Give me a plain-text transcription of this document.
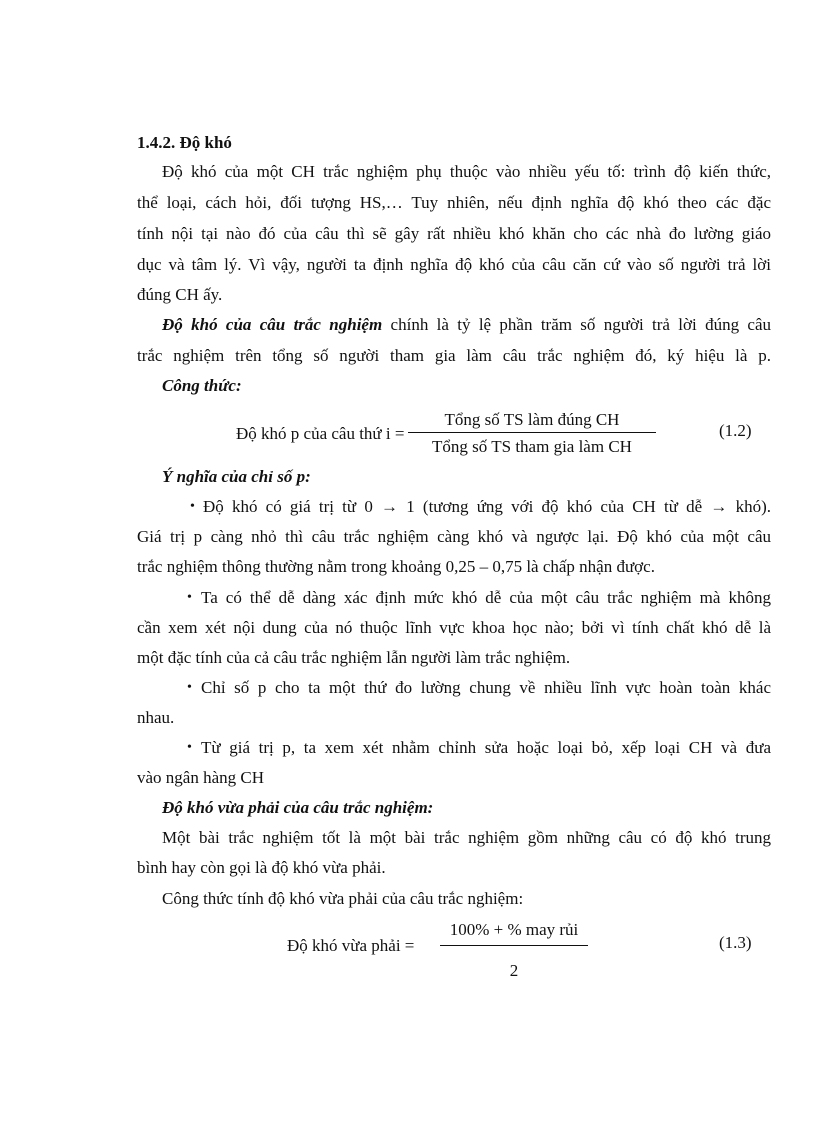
1.4.2. Độ khó
Độ khó của một CH trắc nghiệm phụ thuộc vào nhiều yếu tố: trình độ kiến thức,
thể loại, cách hỏi, đối tượng HS,… Tuy nhiên, nếu định nghĩa độ khó theo các đặc
tính nội tại nào đó của câu thì sẽ gây rất nhiều khó khăn cho các nhà đo lường giáo
dục và tâm lý. Vì vậy, người ta định nghĩa độ khó của câu căn cứ vào số người trả lời
đúng CH ấy.
Độ khó của câu trắc nghiệm chính là tỷ lệ phần trăm số người trả lời đúng câu
trắc nghiệm trên tổng số người tham gia làm câu trắc nghiệm đó, ký hiệu là p.
Công thức:
Độ khó p của câu thứ i =
Tổng số TS làm đúng CH
Tổng số TS tham gia làm CH
(1.2)
Ý nghĩa của chỉ số p:
• Độ khó có giá trị từ 0 → 1 (tương ứng với độ khó của CH từ dễ → khó).
Giá trị p càng nhỏ thì câu trắc nghiệm càng khó và ngược lại. Độ khó của một câu
trắc nghiệm thông thường nằm trong khoảng 0,25 – 0,75 là chấp nhận được.
• Ta có thể dễ dàng xác định mức khó dễ của một câu trắc nghiệm mà không
cần xem xét nội dung của nó thuộc lĩnh vực khoa học nào; bởi vì tính chất khó dễ là
một đặc tính của cả câu trắc nghiệm lẫn người làm trắc nghiệm.
• Chỉ số p cho ta một thứ đo lường chung về nhiều lĩnh vực hoàn toàn khác
nhau.
• Từ giá trị p, ta xem xét nhằm chỉnh sửa hoặc loại bỏ, xếp loại CH và đưa
vào ngân hàng CH
Độ khó vừa phải của câu trắc nghiệm:
Một bài trắc nghiệm tốt là một bài trắc nghiệm gồm những câu có độ khó trung
bình hay còn gọi là độ khó vừa phải.
Công thức tính độ khó vừa phải của câu trắc nghiệm:
Độ khó vừa phải =
100% + % may rủi
2
(1.3)
